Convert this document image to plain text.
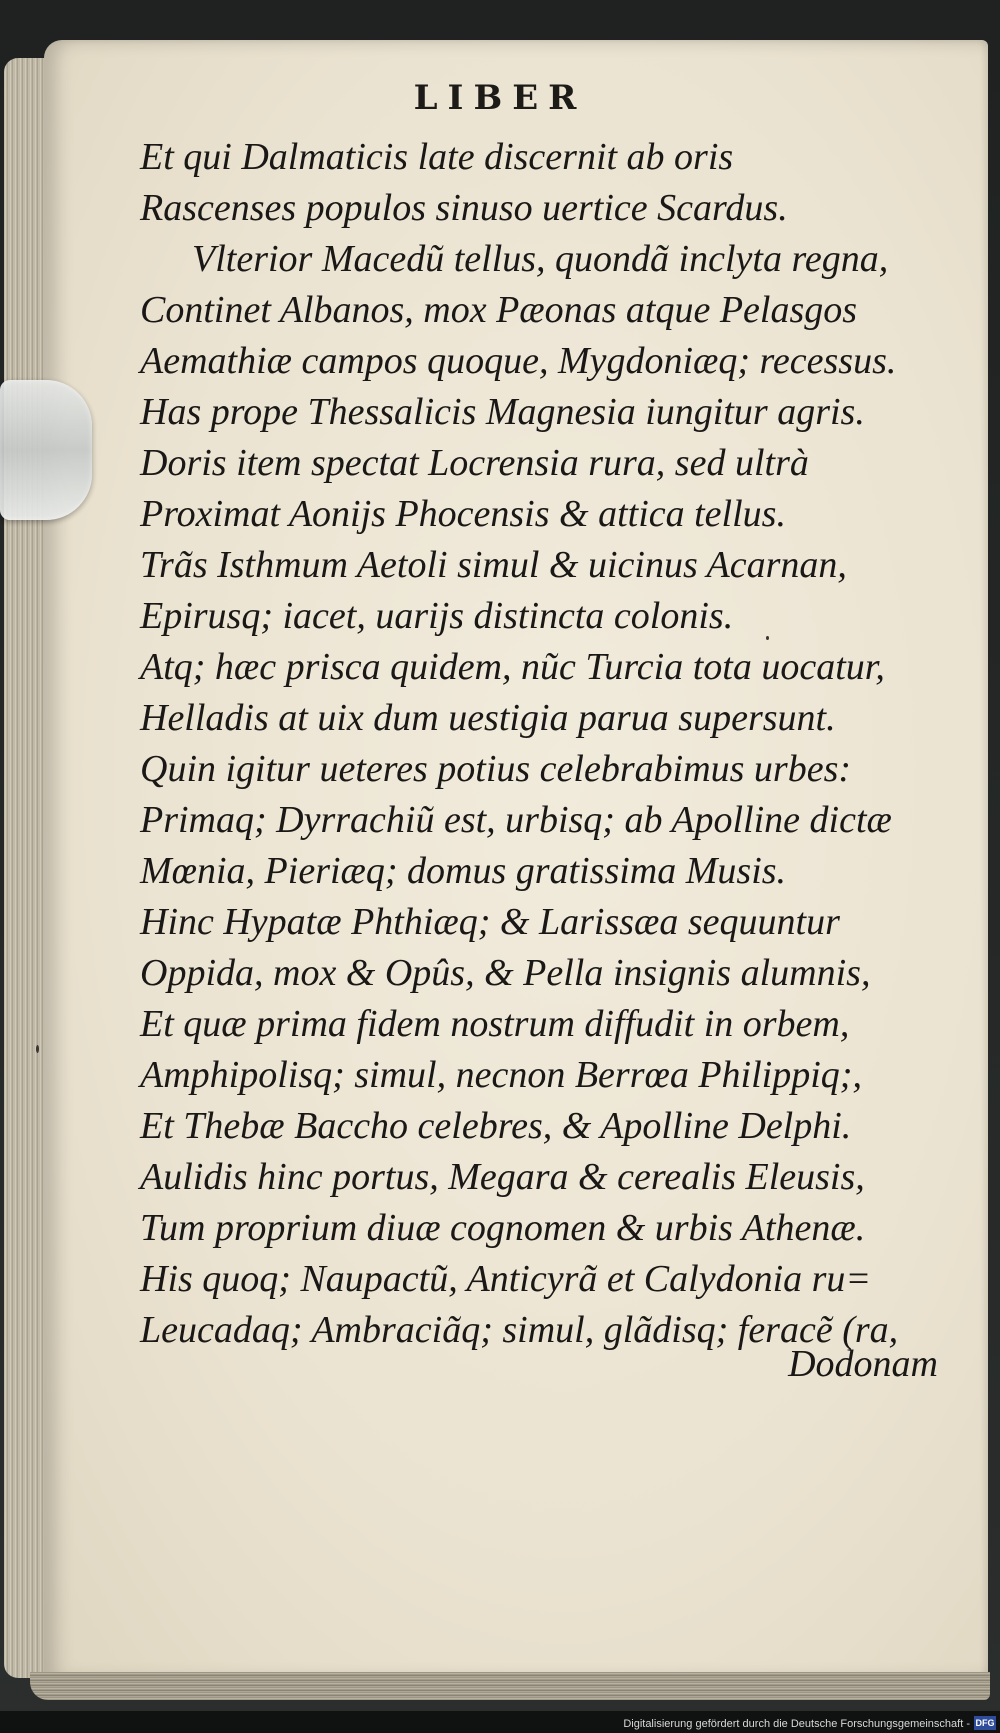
LIBER
Et qui Dalmaticis late discernit ab oris
Rascenses populos sinuso uertice Scardus.
Vlterior Macedũ tellus, quondã inclyta regna,
Continet Albanos, mox Pæonas atque Pelasgos
Aemathiæ campos quoque, Mygdoniæq; recessus.
Has prope Thessalicis Magnesia iungitur agris.
Doris item spectat Locrensia rura, sed ultrà
Proximat Aonijs Phocensis & attica tellus.
Trãs Isthmum Aetoli simul & uicinus Acarnan,
Epirusq; iacet, uarijs distincta colonis.
Atq; hæc prisca quidem, nũc Turcia tota uocatur,
Helladis at uix dum uestigia parua supersunt.
Quin igitur ueteres potius celebrabimus urbes:
Primaq; Dyrrachiũ est, urbisq; ab Apolline dictæ
Mœnia, Pieriæq; domus gratissima Musis.
Hinc Hypatæ Phthiæq; & Larissæa sequuntur
Oppida, mox & Opûs, & Pella insignis alumnis,
Et quæ prima fidem nostrum diffudit in orbem,
Amphipolisq; simul, necnon Berrœa Philippiq;,
Et Thebæ Baccho celebres, & Apolline Delphi.
Aulidis hinc portus, Megara & cerealis Eleusis,
Tum proprium diuæ cognomen & urbis Athenæ.
His quoq; Naupactũ, Anticyrã et Calydonia ru=
Leucadaq; Ambraciãq; simul, glãdisq; feracẽ (ra,
Dodonam
Digitalisierung gefördert durch die Deutsche Forschungsgemeinschaft - DFG
